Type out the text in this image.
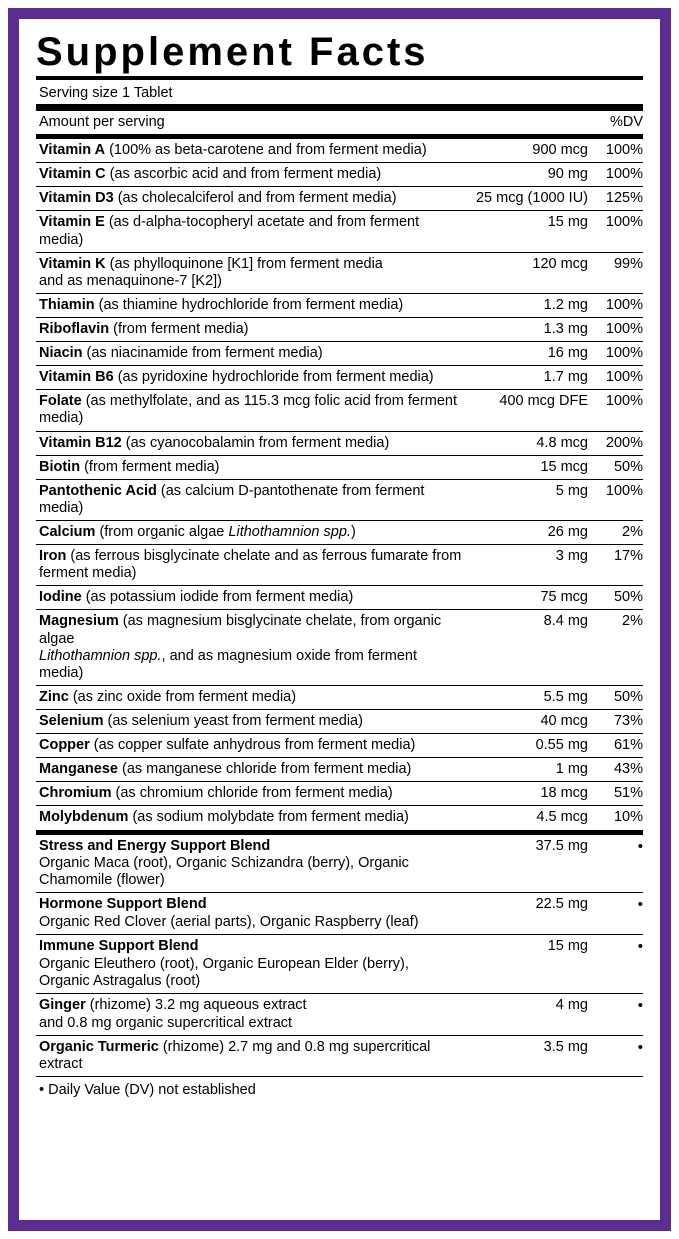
Supplement Facts
Serving size 1 Tablet
Amount per serving		%DV
Vitamin A (100% as beta-carotene and from ferment media)	900 mcg	100%
Vitamin C (as ascorbic acid and from ferment media)	90 mg	100%
Vitamin D3 (as cholecalciferol and from ferment media)	25 mcg (1000 IU)	125%
Vitamin E (as d-alpha-tocopheryl acetate and from ferment media)	15 mg	100%
Vitamin K (as phylloquinone [K1] from ferment media	120 mcg	99%
and as menaquinone-7 [K2])		
Thiamin (as thiamine hydrochloride from ferment media)	1.2 mg	100%
Riboflavin (from ferment media)	1.3 mg	100%
Niacin (as niacinamide from ferment media)	16 mg	100%
Vitamin B6 (as pyridoxine hydrochloride from ferment media)	1.7 mg	100%
Folate (as methylfolate, and as 115.3 mcg folic acid from ferment media)	400 mcg DFE	100%
Vitamin B12 (as cyanocobalamin from ferment media)	4.8 mcg	200%
Biotin (from ferment media)	15 mcg	50%
Pantothenic Acid (as calcium D-pantothenate from ferment media)	5 mg	100%
Calcium (from organic algae Lithothamnion spp.)	26 mg	2%
Iron (as ferrous bisglycinate chelate and as ferrous fumarate from ferment media)	3 mg	17%
Iodine (as potassium iodide from ferment media)	75 mcg	50%
Magnesium (as magnesium bisglycinate chelate, from organic algae	8.4 mg	2%
Lithothamnion spp., and as magnesium oxide from ferment media)		
Zinc (as zinc oxide from ferment media)	5.5 mg	50%
Selenium (as selenium yeast from ferment media)	40 mcg	73%
Copper (as copper sulfate anhydrous from ferment media)	0.55 mg	61%
Manganese (as manganese chloride from ferment media)	1 mg	43%
Chromium (as chromium chloride from ferment media)	18 mcg	51%
Molybdenum (as sodium molybdate from ferment media)	4.5 mcg	10%
Stress and Energy Support Blend	37.5 mg	•
Organic Maca (root), Organic Schizandra (berry), Organic Chamomile (flower)		
Hormone Support Blend	22.5 mg	•
Organic Red Clover (aerial parts), Organic Raspberry (leaf)		
Immune Support Blend	15 mg	•
Organic Eleuthero (root), Organic European Elder (berry),		
Organic Astragalus (root)		
Ginger (rhizome) 3.2 mg aqueous extract	4 mg	•
and 0.8 mg organic supercritical extract		
Organic Turmeric (rhizome) 2.7 mg and 0.8 mg supercritical extract	3.5 mg	•
• Daily Value (DV) not established
